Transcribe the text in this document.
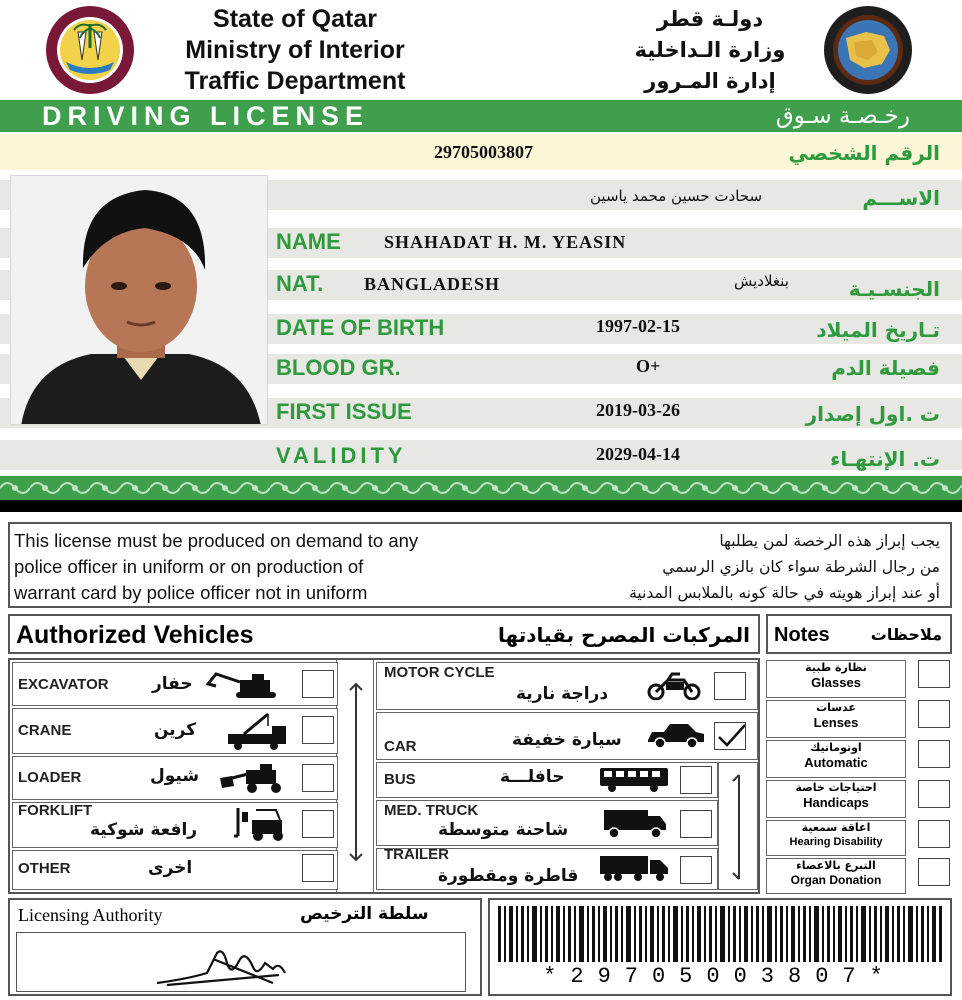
State of Qatar
Ministry of Interior
Traffic Department
دولـة قطر
وزارة الـداخلية
إدارة المـرور
DRIVING LICENSE	رخـصـة سـوق
29705003807	الرقم الشخصي
سحادت حسين محمد ياسين	الاســـم
NAME SHAHADAT H. M. YEASIN
NAT. BANGLADESH	بنغلاديش	الجنسـيـة
DATE OF BIRTH	1997-02-15	تـاريخ الميلاد
BLOOD GR.	O+	فصيلة الدم
FIRST ISSUE	2019-03-26	ت .اول إصدار
VALIDITY	2029-04-14	ت. الإنتهـاء
This license must be produced on demand to any
police officer in uniform or on production of
warrant card by police officer not in uniform
يجب إبراز هذه الرخصة لمن يطلبها
من رجال الشرطة سواء كان بالزي الرسمي
أو عند إبراز هويته في حالة كونه بالملابس المدنية
Authorized Vehicles	المركبات المصرح بقيادتها Notes	ملاحظات
EXCAVATOR	حفار
CRANE	كرين
LOADER	شيول
FORKLIFT
رافعة شوكية
OTHER	اخرى
MOTOR CYCLE
دراجة نارية
CAR	سيارة خفيفة
BUS	حافلـــة
MED. TRUCK
شاحنة متوسطة
TRAILER
قاطرة ومقطورة
نظارة طبية
Glasses
عدسات
Lenses
اوتوماتيك
Automatic
احتياجات خاصة
Handicaps
اعاقة سمعية
Hearing Disability
التبرع بالاعضاء
Organ Donation
Licensing Authority	سلطة الترخيص
*29705003807*
